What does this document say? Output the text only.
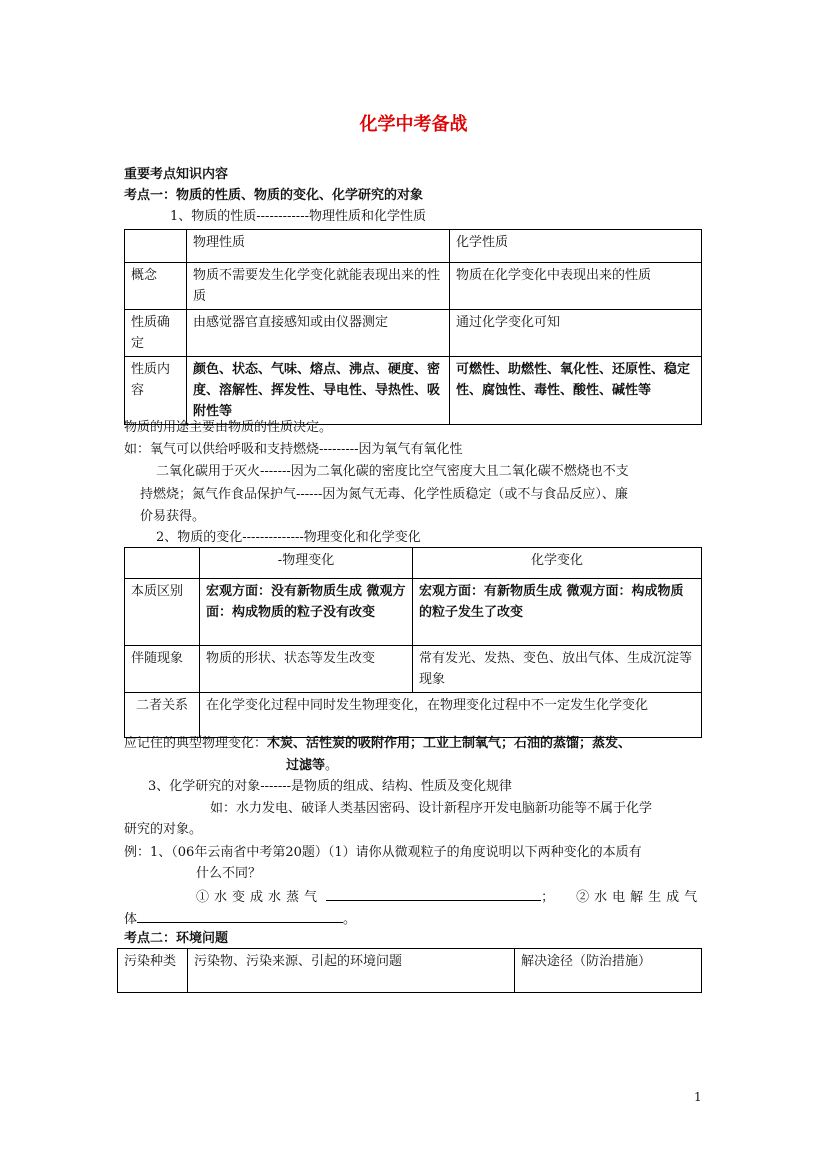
化学中考备战
重要考点知识内容
考点一：物质的性质、物质的变化、化学研究的对象
1、物质的性质------------物理性质和化学性质
	物理性质	化学性质
概念	物质不需要发生化学变化就能表现出来的性质	物质在化学变化中表现出来的性质
性质确定	由感觉器官直接感知或由仪器测定	通过化学变化可知
性质内容	颜色、状态、气味、熔点、沸点、硬度、密度、溶解性、挥发性、导电性、导热性、吸附性等	可燃性、助燃性、氧化性、还原性、稳定性、腐蚀性、毒性、酸性、碱性等
物质的用途主要由物质的性质决定。
如：氧气可以供给呼吸和支持燃烧---------因为氧气有氧化性
二氧化碳用于灭火-------因为二氧化碳的密度比空气密度大且二氧化碳不燃烧也不支
持燃烧；氮气作食品保护气------因为氮气无毒、化学性质稳定（或不与食品反应）、廉
价易获得。
2、物质的变化--------------物理变化和化学变化
	-物理变化	化学变化
本质区别	宏观方面：没有新物质生成 微观方面：构成物质的粒子没有改变	宏观方面：有新物质生成 微观方面：构成物质的粒子发生了改变
伴随现象	物质的形状、状态等发生改变	常有发光、发热、变色、放出气体、生成沉淀等现象
二者关系	在化学变化过程中同时发生物理变化，在物理变化过程中不一定发生化学变化	
应记住的典型物理变化：木炭、活性炭的吸附作用；工业上制氧气；石油的蒸馏；蒸发、
过滤等。
3、化学研究的对象-------是物质的组成、结构、性质及变化规律
如：水力发电、破译人类基因密码、设计新程序开发电脑新功能等不属于化学
研究的对象。
例：1、（06年云南省中考第20题）（1）请你从微观粒子的角度说明以下两种变化的本质有
什么不同？
①水变成水蒸气	； ②水电解生成气
体	。
考点二：环境问题
污染种类	污染物、污染来源、引起的环境问题	解决途径（防治措施）
1
